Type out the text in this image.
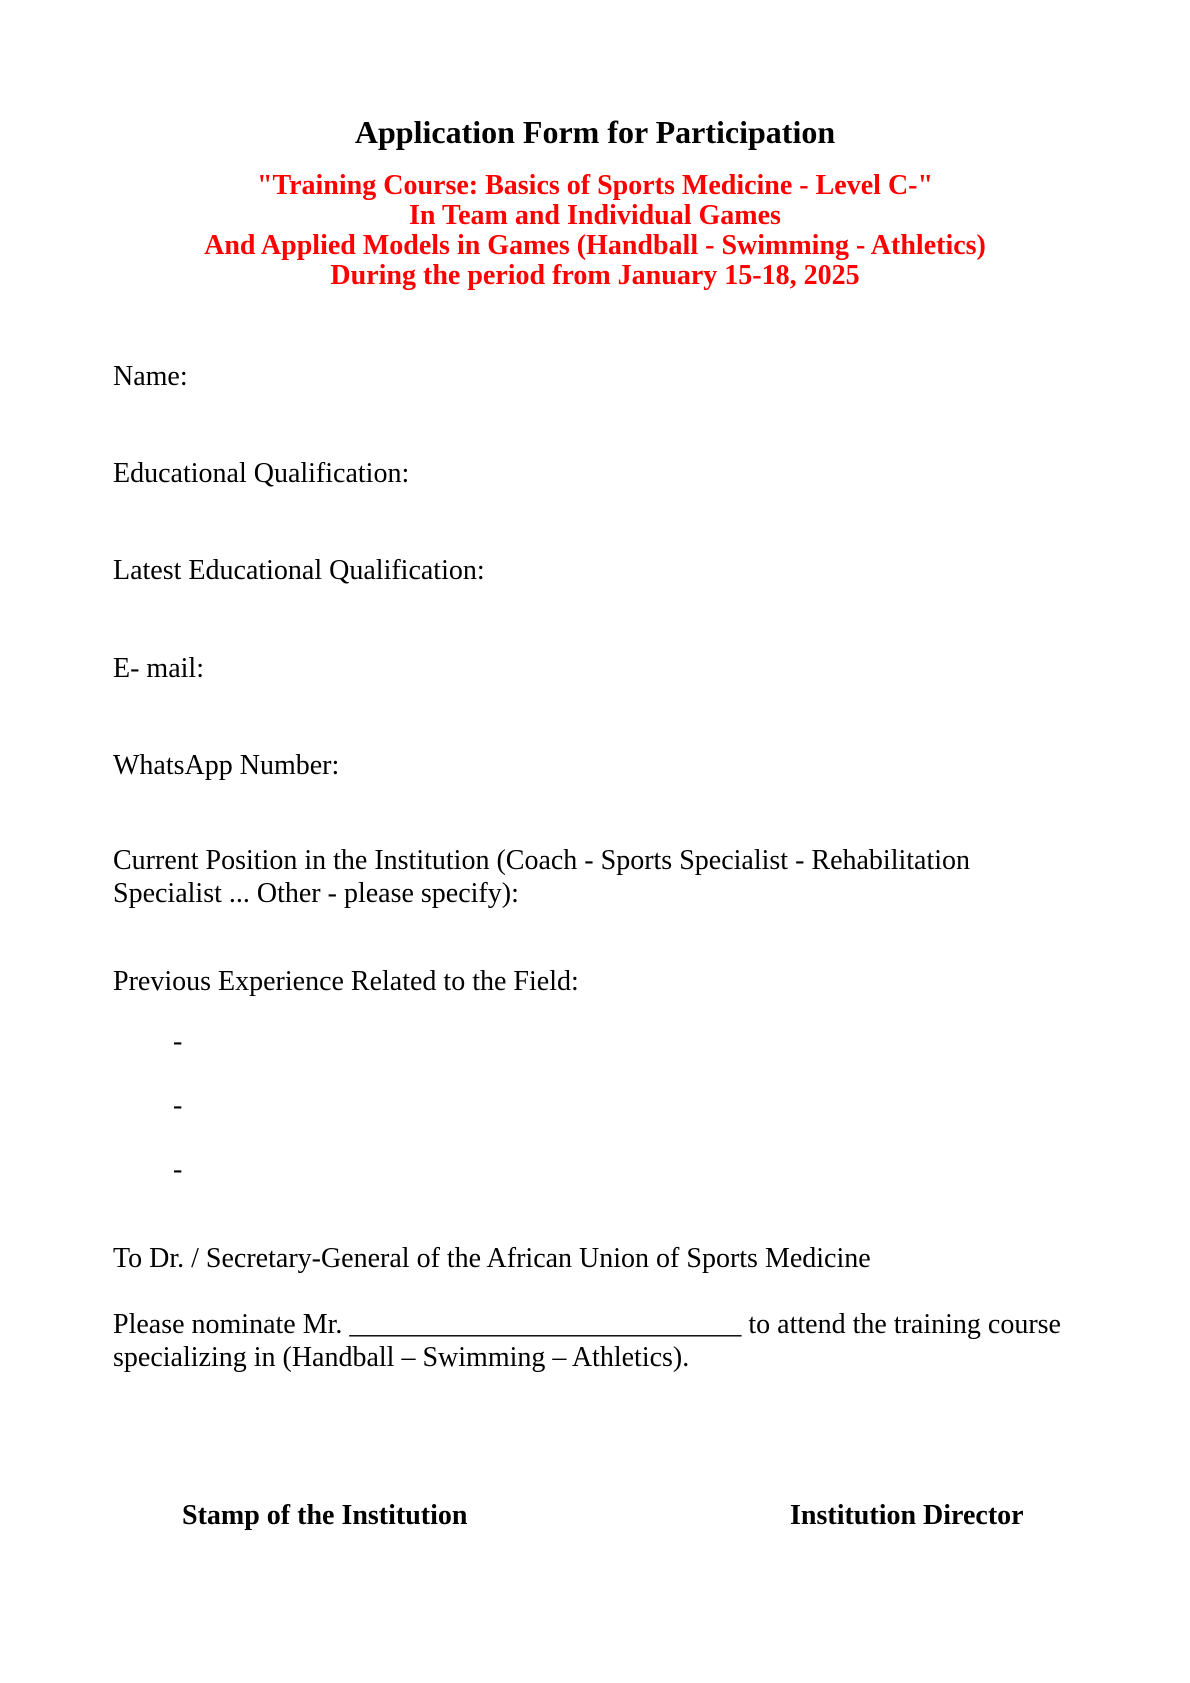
Application Form for Participation
"Training Course: Basics of Sports Medicine - Level C-"
In Team and Individual Games
And Applied Models in Games (Handball - Swimming - Athletics)
During the period from January 15-18, 2025
Name:
Educational Qualification:
Latest Educational Qualification:
E- mail:
WhatsApp Number:
Current Position in the Institution (Coach - Sports Specialist - Rehabilitation Specialist ... Other - please specify):
Previous Experience Related to the Field:
-
-
-
To Dr. / Secretary-General of the African Union of Sports Medicine
Please nominate Mr. ____________________________ to attend the training course specializing in (Handball – Swimming – Athletics).
Stamp of the Institution	Institution Director
